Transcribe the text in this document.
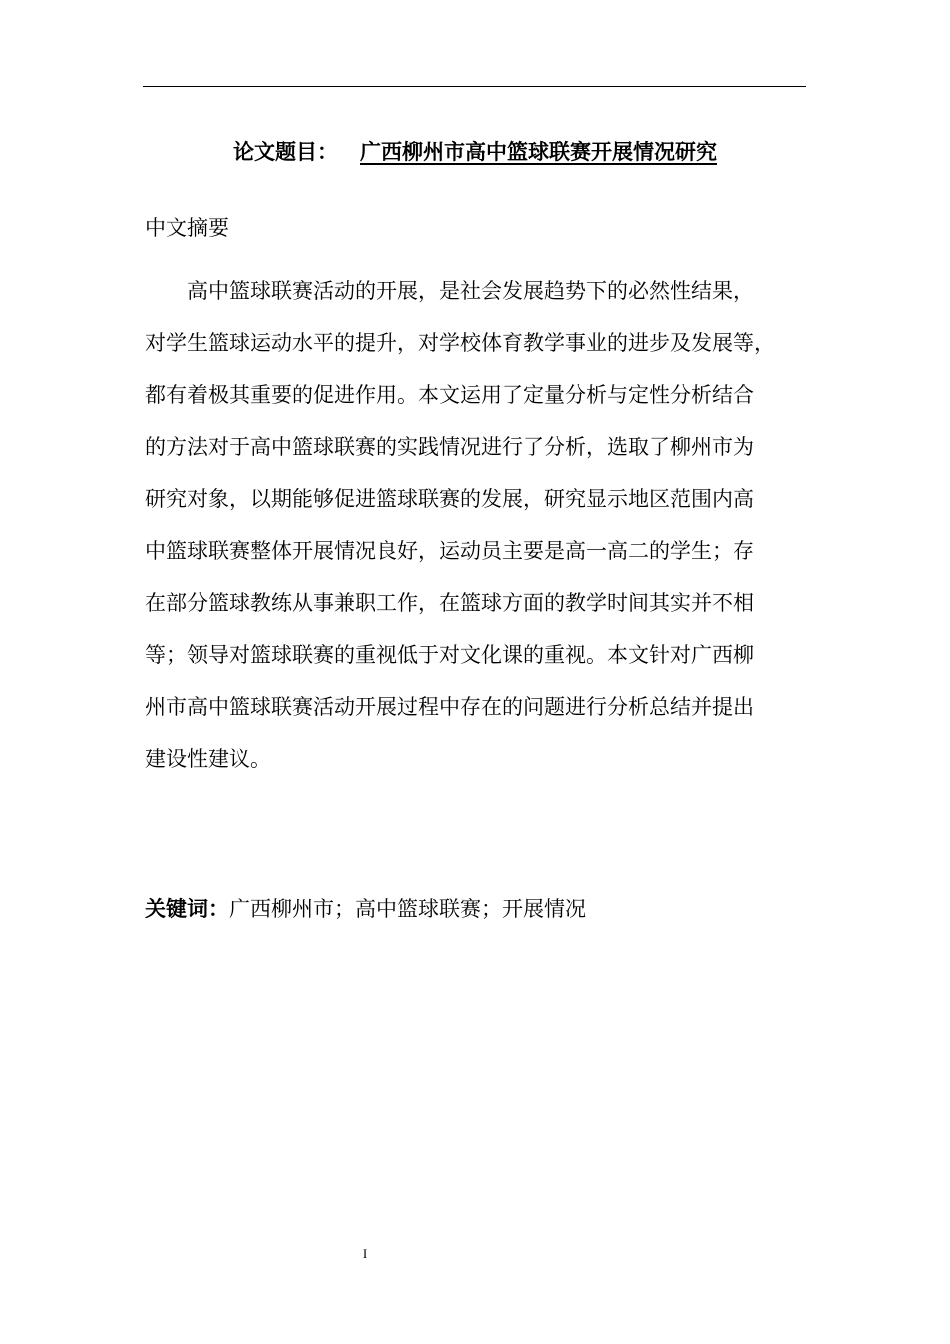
论文题目： 广西柳州市高中篮球联赛开展情况研究
中文摘要
　　高中篮球联赛活动的开展，是社会发展趋势下的必然性结果，
对学生篮球运动水平的提升，对学校体育教学事业的进步及发展等，
都有着极其重要的促进作用。本文运用了定量分析与定性分析结合
的方法对于高中篮球联赛的实践情况进行了分析，选取了柳州市为
研究对象，以期能够促进篮球联赛的发展，研究显示地区范围内高
中篮球联赛整体开展情况良好，运动员主要是高一高二的学生；存
在部分篮球教练从事兼职工作，在篮球方面的教学时间其实并不相
等；领导对篮球联赛的重视低于对文化课的重视。本文针对广西柳
州市高中篮球联赛活动开展过程中存在的问题进行分析总结并提出
建设性建议。
关键词：广西柳州市；高中篮球联赛；开展情况
I
